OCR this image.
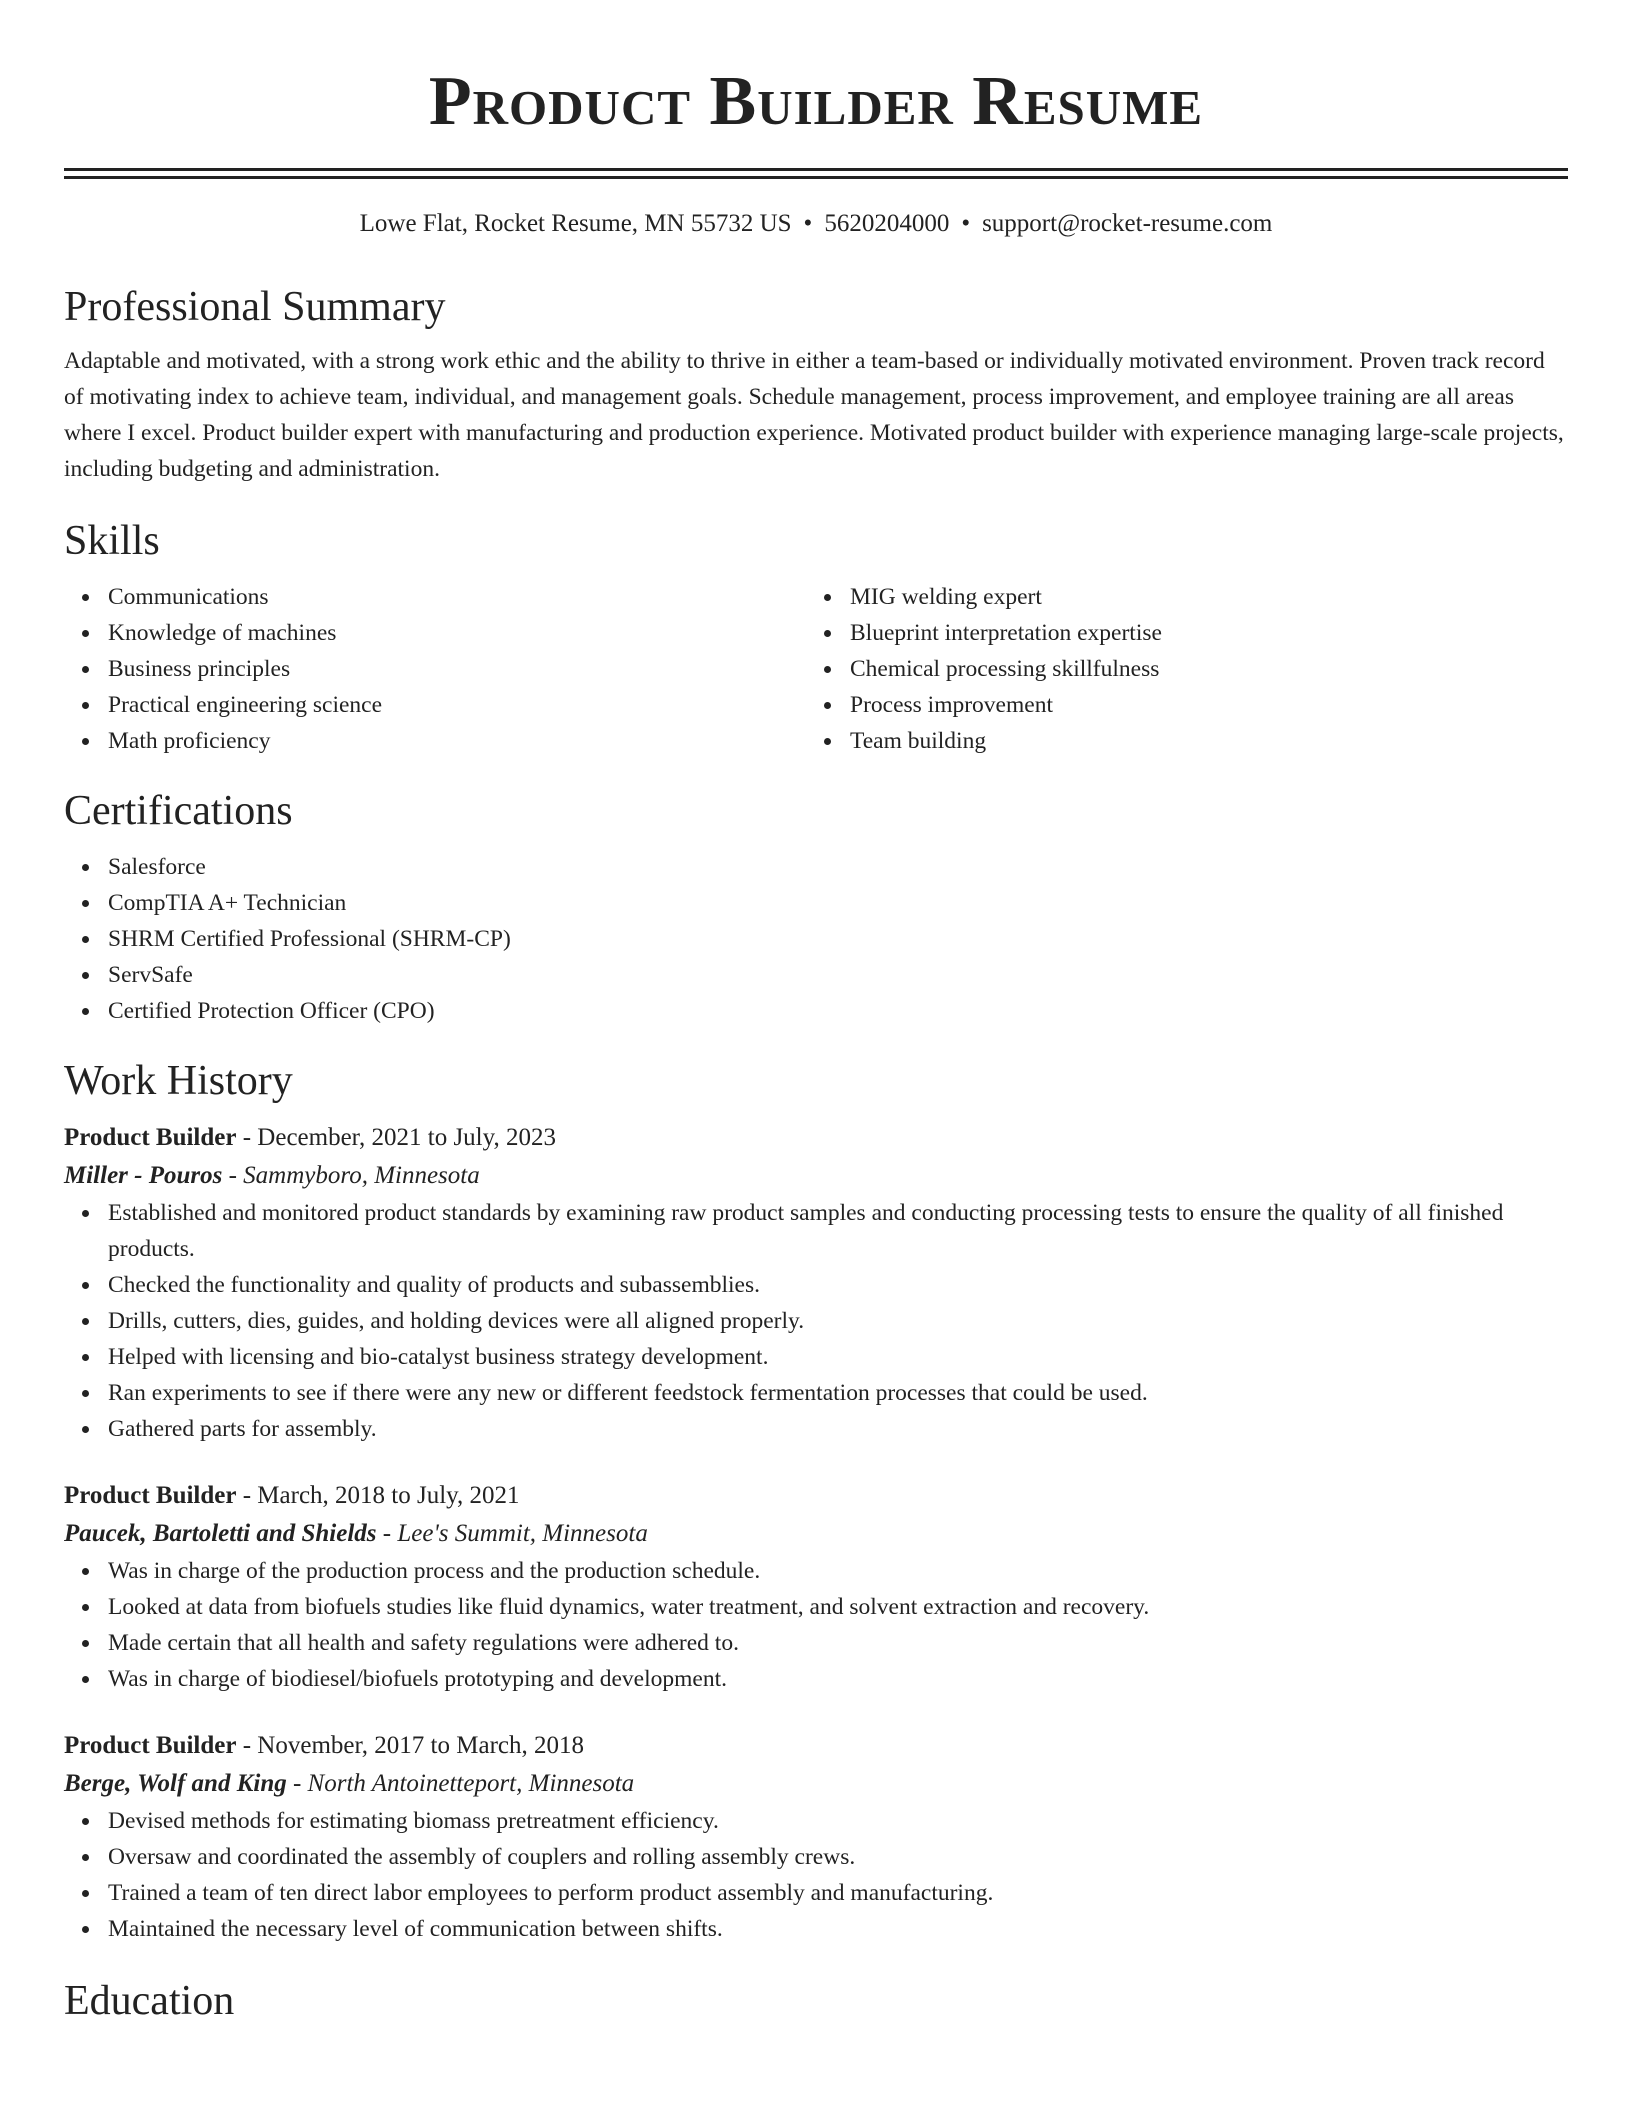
Product Builder Resume
Lowe Flat, Rocket Resume, MN 55732 US • 5620204000 • support@rocket-resume.com
Professional Summary
Adaptable and motivated, with a strong work ethic and the ability to thrive in either a team-based or individually motivated environment. Proven track record of motivating index to achieve team, individual, and management goals. Schedule management, process improvement, and employee training are all areas where I excel. Product builder expert with manufacturing and production experience. Motivated product builder with experience managing large-scale projects, including budgeting and administration.
Skills
Communications
Knowledge of machines
Business principles
Practical engineering science
Math proficiency
MIG welding expert
Blueprint interpretation expertise
Chemical processing skillfulness
Process improvement
Team building
Certifications
Salesforce
CompTIA A+ Technician
SHRM Certified Professional (SHRM-CP)
ServSafe
Certified Protection Officer (CPO)
Work History
Product Builder - December, 2021 to July, 2023
Miller - Pouros - Sammyboro, Minnesota
Established and monitored product standards by examining raw product samples and conducting processing tests to ensure the quality of all finished products.
Checked the functionality and quality of products and subassemblies.
Drills, cutters, dies, guides, and holding devices were all aligned properly.
Helped with licensing and bio-catalyst business strategy development.
Ran experiments to see if there were any new or different feedstock fermentation processes that could be used.
Gathered parts for assembly.
Product Builder - March, 2018 to July, 2021
Paucek, Bartoletti and Shields - Lee's Summit, Minnesota
Was in charge of the production process and the production schedule.
Looked at data from biofuels studies like fluid dynamics, water treatment, and solvent extraction and recovery.
Made certain that all health and safety regulations were adhered to.
Was in charge of biodiesel/biofuels prototyping and development.
Product Builder - November, 2017 to March, 2018
Berge, Wolf and King - North Antoinetteport, Minnesota
Devised methods for estimating biomass pretreatment efficiency.
Oversaw and coordinated the assembly of couplers and rolling assembly crews.
Trained a team of ten direct labor employees to perform product assembly and manufacturing.
Maintained the necessary level of communication between shifts.
Education
